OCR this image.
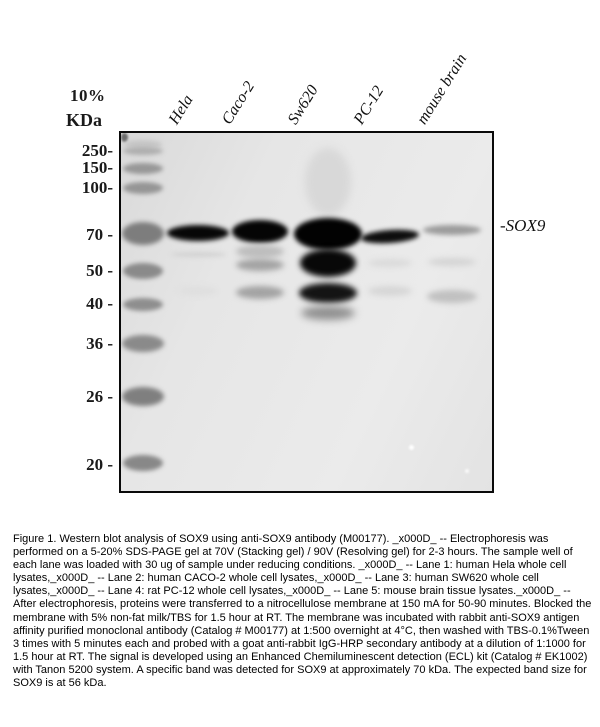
10%
KDa	Hela Caco-2 Sw620 PC-12 mouse brain
250-
150-
100-
70 -
50 -
40 -
36 -
26 -
20 -
-SOX9
Figure 1. Western blot analysis of SOX9 using anti-SOX9 antibody (M00177). _x000D_ -- Electrophoresis was performed on a 5-20% SDS-PAGE gel at 70V (Stacking gel) / 90V (Resolving gel) for 2-3 hours. The sample well of each lane was loaded with 30 ug of sample under reducing conditions. _x000D_ -- Lane 1: human Hela whole cell lysates,_x000D_ -- Lane 2: human CACO-2 whole cell lysates,_x000D_ -- Lane 3: human SW620 whole cell lysates,_x000D_ -- Lane 4: rat PC-12 whole cell lysates,_x000D_ -- Lane 5: mouse brain tissue lysates._x000D_ -- After electrophoresis, proteins were transferred to a nitrocellulose membrane at 150 mA for 50-90 minutes. Blocked the membrane with 5% non-fat milk/TBS for 1.5 hour at RT. The membrane was incubated with rabbit anti-SOX9 antigen affinity purified monoclonal antibody (Catalog # M00177) at 1:500 overnight at 4°C, then washed with TBS-0.1%Tween 3 times with 5 minutes each and probed with a goat anti-rabbit IgG-HRP secondary antibody at a dilution of 1:1000 for 1.5 hour at RT. The signal is developed using an Enhanced Chemiluminescent detection (ECL) kit (Catalog # EK1002) with Tanon 5200 system. A specific band was detected for SOX9 at approximately 70 kDa. The expected band size for SOX9 is at 56 kDa.
